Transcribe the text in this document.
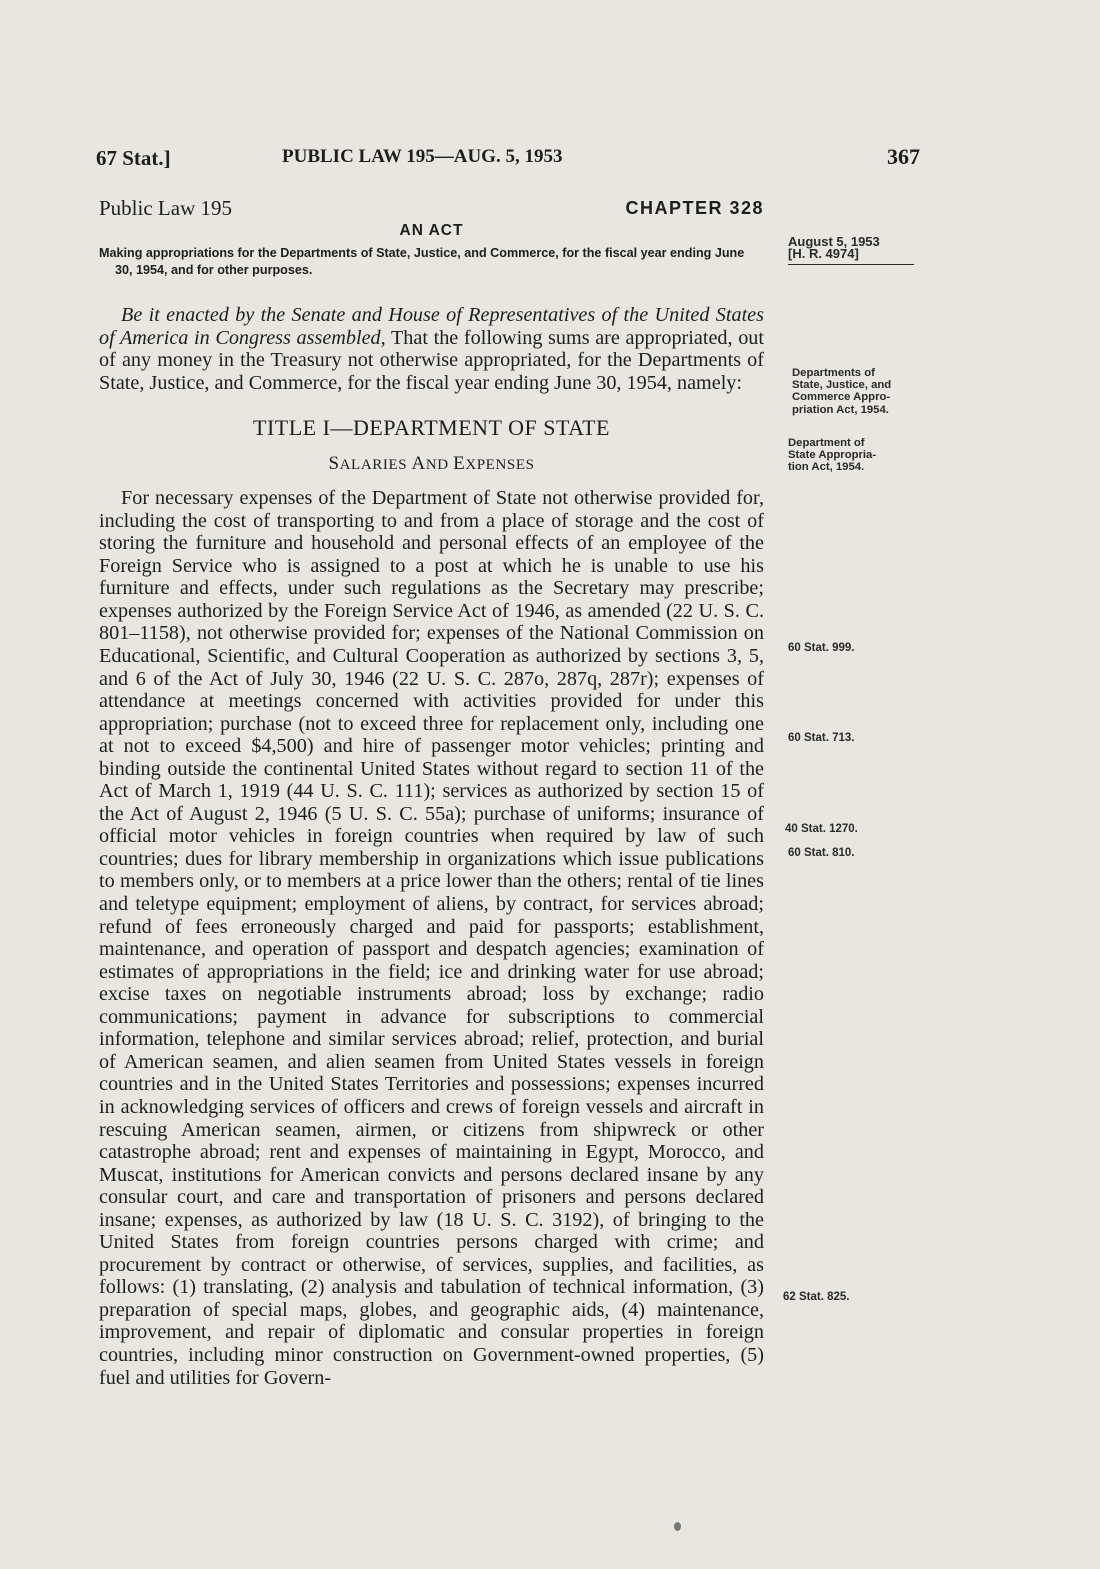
67 Stat.]	PUBLIC LAW 195—AUG. 5, 1953	367
Public Law 195	CHAPTER 328
AN ACT

Making appropriations for the Departments of State, Justice, and Commerce, for the fiscal year ending June 30, 1954, and for other purposes.

Be it enacted by the Senate and House of Representatives of the United States of America in Congress assembled, That the following sums are appropriated, out of any money in the Treasury not otherwise appropriated, for the Departments of State, Justice, and Commerce, for the fiscal year ending June 30, 1954, namely:

TITLE I—DEPARTMENT OF STATE
SALARIES AND EXPENSES

For necessary expenses of the Department of State not otherwise provided for, including the cost of transporting to and from a place of storage and the cost of storing the furniture and household and personal effects of an employee of the Foreign Service who is assigned to a post at which he is unable to use his furniture and effects, under such regulations as the Secretary may prescribe; expenses authorized by the Foreign Service Act of 1946, as amended (22 U. S. C. 801–1158), not otherwise provided for; expenses of the National Commission on Educational, Scientific, and Cultural Cooperation as authorized by sections 3, 5, and 6 of the Act of July 30, 1946 (22 U. S. C. 287o, 287q, 287r); expenses of attendance at meetings concerned with activities provided for under this appropriation; purchase (not to exceed three for replacement only, including one at not to exceed $4,500) and hire of passenger motor vehicles; printing and binding outside the continental United States without regard to section 11 of the Act of March 1, 1919 (44 U. S. C. 111); services as authorized by section 15 of the Act of August 2, 1946 (5 U. S. C. 55a); purchase of uniforms; insurance of official motor vehicles in foreign countries when required by law of such countries; dues for library membership in organizations which issue publications to members only, or to members at a price lower than the others; rental of tie lines and teletype equipment; employment of aliens, by contract, for services abroad; refund of fees erroneously charged and paid for passports; establishment, maintenance, and operation of passport and despatch agencies; examination of estimates of appropriations in the field; ice and drinking water for use abroad; excise taxes on negotiable instruments abroad; loss by exchange; radio communications; payment in advance for subscriptions to commercial information, telephone and similar services abroad; relief, protection, and burial of American seamen, and alien seamen from United States vessels in foreign countries and in the United States Territories and possessions; expenses incurred in acknowledging services of officers and crews of foreign vessels and aircraft in rescuing American seamen, airmen, or citizens from shipwreck or other catastrophe abroad; rent and expenses of maintaining in Egypt, Morocco, and Muscat, institutions for American convicts and persons declared insane by any consular court, and care and transportation of prisoners and persons declared insane; expenses, as authorized by law (18 U. S. C. 3192), of bringing to the United States from foreign countries persons charged with crime; and procurement by contract or otherwise, of services, supplies, and facilities, as follows: (1) translating, (2) analysis and tabulation of technical information, (3) preparation of special maps, globes, and geographic aids, (4) maintenance, improvement, and repair of diplomatic and consular properties in foreign countries, including minor construction on Government-owned properties, (5) fuel and utilities for Govern-

August 5, 1953
[H. R. 4974]
Departments of
State, Justice, and
Commerce Appro-
priation Act, 1954.
Department of
State Appropria-
tion Act, 1954.
60 Stat. 999.
60 Stat. 713.
40 Stat. 1270.
60 Stat. 810.
62 Stat. 825.
